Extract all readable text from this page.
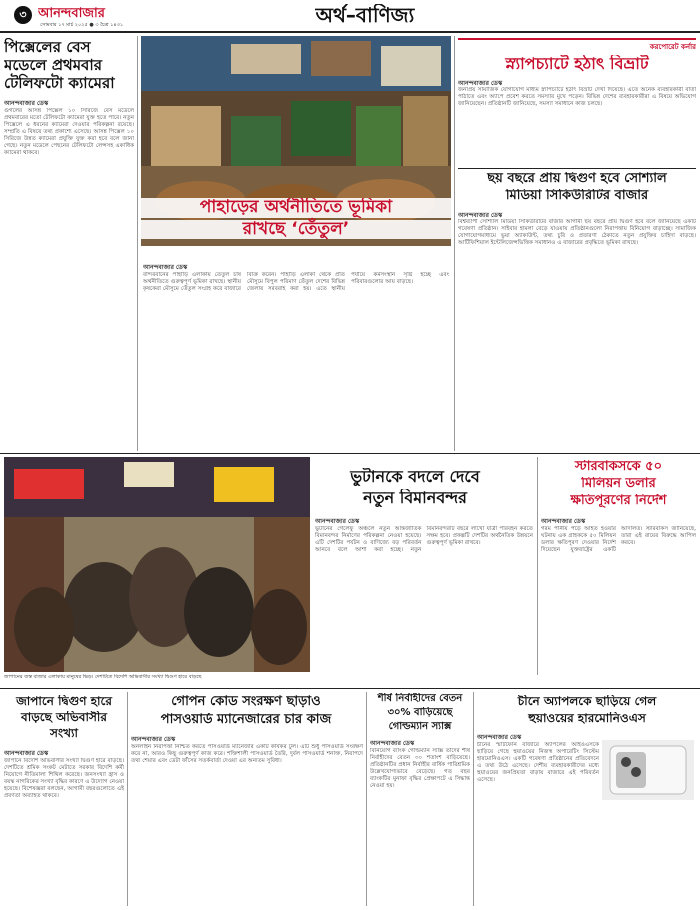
৩ আনন্দবাজার
সোমবার ১৭ মার্চ ২০২৫ ● ৩ চৈত্র ১৪৩১	অর্থ–বাণিজ্য
পিক্সেলের বেস মডেলে প্রথমবার টেলিফটো ক্যামেরা
আনন্দবাজার ডেস্ক
গুগলের আসন্ন পিক্সেল ১০ সিরিজে বেস মডেলে প্রথমবারের মতো টেলিফটো ক্যামেরা যুক্ত হতে পারে। নতুন পিক্সেলে এ ধরনের ক্যামেরা দেওয়ার পরিকল্পনা রয়েছে। সম্প্রতি এ বিষয়ে তথ্য প্রকাশ্যে এসেছে। আসন্ন পিক্সেল ১০ সিরিজে উন্নত ক্যামেরা প্রযুক্তি যুক্ত করা হবে বলে জানা গেছে। নতুন মডেলে পেছনের টেলিফটো লেন্সসহ একাধিক ক্যামেরা থাকবে।
পাহাড়ের অর্থনীতিতে ভূমিকা
রাখছে ‘তেঁতুল’
আনন্দবাজার ডেস্ক
বান্দরবানের পাহাড়ি এলাকায় তেঁতুল চাষ অর্থনীতিতে গুরুত্বপূর্ণ ভূমিকা রাখছে। স্থানীয় কৃষকেরা মৌসুমে তেঁতুল সংগ্রহ করে বাজারে বিক্রি করেন। পাহাড়ি এলাকা থেকে প্রতি মৌসুমে বিপুল পরিমাণ তেঁতুল দেশের বিভিন্ন জেলায় সরবরাহ করা হয়। এতে স্থানীয় পর্যায়ে কর্মসংস্থান সৃষ্টি হচ্ছে এবং পরিবারগুলোর আয় বাড়ছে।
করপোরেট কর্নার
স্ন্যাপচ্যাটে হঠাৎ বিভ্রাট
আনন্দবাজার ডেস্ক
জনপ্রিয় সামাজিক যোগাযোগ মাধ্যম স্ন্যাপচ্যাটে হঠাৎ বিভ্রাট দেখা দিয়েছে। এতে অনেক ব্যবহারকারী বার্তা পাঠাতে এবং অ্যাপে প্রবেশ করতে সমস্যার মুখে পড়েন। বিভিন্ন দেশের ব্যবহারকারীরা এ বিষয়ে অভিযোগ জানিয়েছেন। প্রতিষ্ঠানটি জানিয়েছে, সমস্যা সমাধানে কাজ চলছে।
ছয় বছরে প্রায় দ্বিগুণ হবে সোশ্যাল
মিডিয়া সিকিউরিটির বাজার
আনন্দবাজার ডেস্ক
বিশ্বব্যাপী সোশ্যাল মিডিয়া সিকিউরিটির বাজার আগামী ছয় বছরে প্রায় দ্বিগুণ হবে বলে জানিয়েছে একটি গবেষণা প্রতিষ্ঠান। সাইবার হামলা বেড়ে যাওয়ায় প্রতিষ্ঠানগুলো নিরাপত্তায় বিনিয়োগ বাড়াচ্ছে। সামাজিক যোগাযোগমাধ্যমে ভুয়া অ্যাকাউন্ট, তথ্য চুরি ও প্রতারণা ঠেকাতে নতুন প্রযুক্তির চাহিদা বাড়ছে। আর্টিফিশিয়াল ইন্টেলিজেন্সভিত্তিক সমাধানও এ বাজারের প্রবৃদ্ধিতে ভূমিকা রাখছে।
জাপানের ব্যস্ত বাজার এলাকায় মানুষের ভিড়। দেশটিতে বিদেশি অভিবাসীর সংখ্যা দ্বিগুণ হারে বাড়ছে
ভুটানকে বদলে দেবে
নতুন বিমানবন্দর
আনন্দবাজার ডেস্ক
ভুটানের গেলেফু অঞ্চলে নতুন আন্তর্জাতিক বিমানবন্দর নির্মাণের পরিকল্পনা নেওয়া হয়েছে। এটি দেশটির পর্যটন ও বাণিজ্যে বড় পরিবর্তন আনবে বলে আশা করা হচ্ছে। নতুন বিমানবন্দরটি বছরে লাখো যাত্রী পরিবহন করতে সক্ষম হবে। প্রকল্পটি দেশটির অর্থনৈতিক উন্নয়নে গুরুত্বপূর্ণ ভূমিকা রাখবে।
স্টারবাকসকে ৫০
মিলিয়ন ডলার
ক্ষতিপূরণের নির্দেশ
আনন্দবাজার ডেস্ক
গরম পানীয় পড়ে আহত হওয়ার ঘটনায় এক গ্রাহককে ৫০ মিলিয়ন ডলার ক্ষতিপূরণ দেওয়ার নির্দেশ দিয়েছেন যুক্তরাষ্ট্রের একটি আদালত। স্টারবাকস জানিয়েছে, তারা এই রায়ের বিরুদ্ধে আপিল করবে।
জাপানে দ্বিগুণ হারে
বাড়ছে অভিবাসীর
সংখ্যা
আনন্দবাজার ডেস্ক
জাপানে বিদেশি অভিবাসীর সংখ্যা দ্বিগুণ হারে বাড়ছে। দেশটিতে শ্রমিক সংকট মেটাতে সরকার বিদেশি কর্মী নিয়োগে নীতিমালা শিথিল করেছে। জনসংখ্যা হ্রাস ও বয়স্ক নাগরিকের সংখ্যা বৃদ্ধির কারণে এ উদ্যোগ নেওয়া হয়েছে। বিশেষজ্ঞরা বলছেন, আগামী বছরগুলোতে এই প্রবণতা অব্যাহত থাকবে।
গোপন কোড সংরক্ষণ ছাড়াও
পাসওয়ার্ড ম্যানেজারের চার কাজ
আনন্দবাজার ডেস্ক
অনলাইন নিরাপত্তা নিশ্চিত করতে পাসওয়ার্ড ম্যানেজার একটি কার্যকর টুল। এটি শুধু পাসওয়ার্ড সংরক্ষণ করে না, আরও কিছু গুরুত্বপূর্ণ কাজ করে। শক্তিশালী পাসওয়ার্ড তৈরি, দুর্বল পাসওয়ার্ড শনাক্ত, নিরাপদে তথ্য শেয়ার এবং ডেটা ফাঁসের সতর্কবার্তা দেওয়া এর অন্যতম সুবিধা।
শীর্ষ নির্বাহীদের বেতন
৩০% বাড়িয়েছে
গোল্ডম্যান স্যাক্স
আনন্দবাজার ডেস্ক
বিনিয়োগ ব্যাংক গোল্ডম্যান স্যাক্স তাদের শীর্ষ নির্বাহীদের বেতন ৩০ শতাংশ বাড়িয়েছে। প্রতিষ্ঠানটির প্রধান নির্বাহীর বার্ষিক পারিশ্রমিক উল্লেখযোগ্যভাবে বেড়েছে। গত বছর ব্যাংকটির মুনাফা বৃদ্ধির প্রেক্ষাপটে এ সিদ্ধান্ত নেওয়া হয়।
চীনে অ্যাপলকে ছাড়িয়ে গেল
হুয়াওয়ের হারমোনিওএস
আনন্দবাজার ডেস্ক
চীনের স্মার্টফোন বাজারে অ্যাপলের আইওএসকে ছাড়িয়ে গেছে হুয়াওয়ের নিজস্ব অপারেটিং সিস্টেম হারমোনিওএস। একটি গবেষণা প্রতিষ্ঠানের প্রতিবেদনে এ তথ্য উঠে এসেছে। দেশীয় ব্যবহারকারীদের মধ্যে হুয়াওয়ের জনপ্রিয়তা বাড়ায় বাজারে এই পরিবর্তন এসেছে।
